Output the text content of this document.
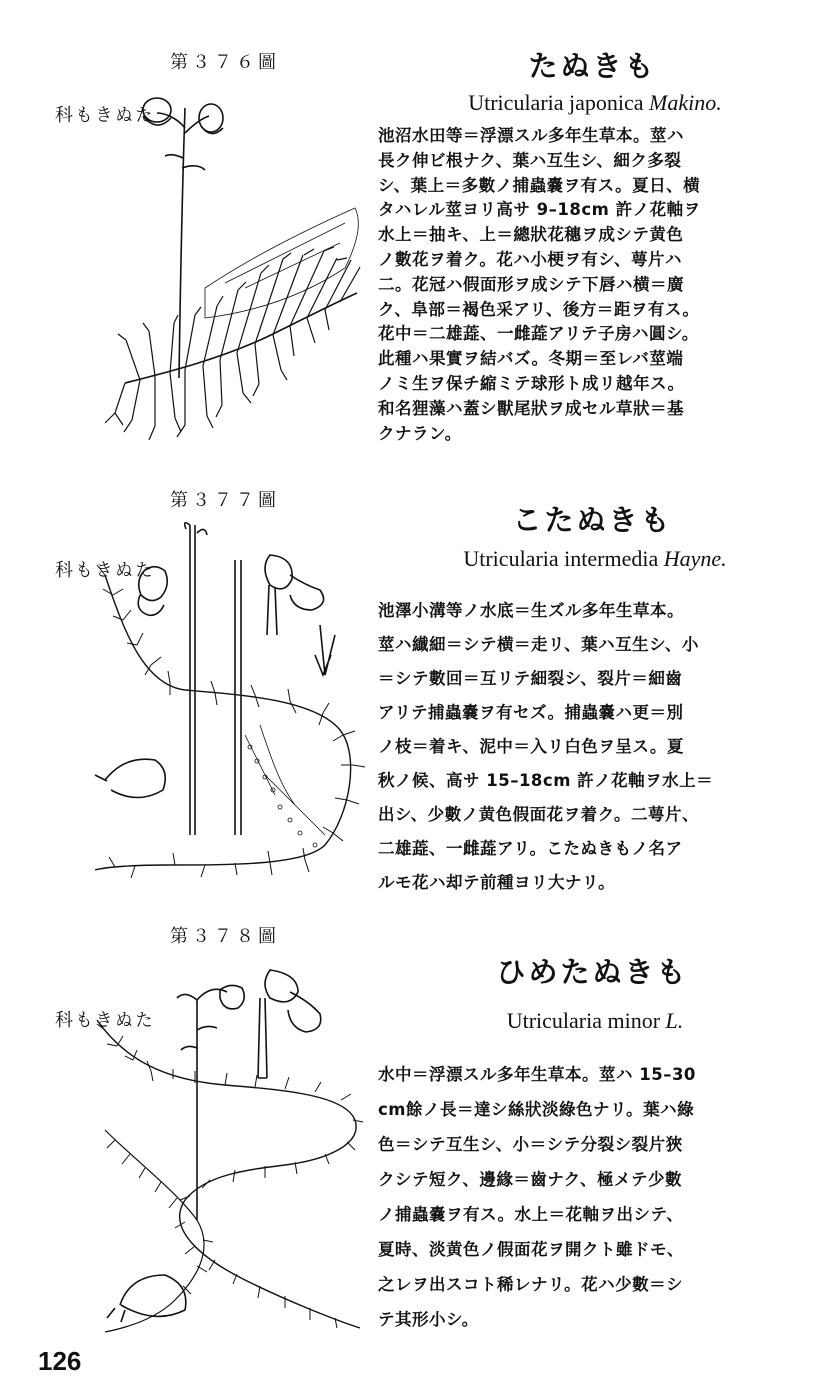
第３７６圖
たぬきも科
たぬきも
Utricularia japonica Makino.
池沼水田等＝浮漂スル多年生草本。莖ハ
長ク伸ビ根ナク、葉ハ互生シ、細ク多裂
シ、葉上＝多數ノ捕蟲嚢ヲ有ス。夏日、横
タハレル莖ヨリ高サ 9–18cm 許ノ花軸ヲ
水上＝抽キ、上＝總狀花穗ヲ成シテ黄色
ノ數花ヲ着ク。花ハ小梗ヲ有シ、萼片ハ
二。花冠ハ假面形ヲ成シテ下唇ハ横＝廣
ク、阜部＝褐色采アリ、後方＝距ヲ有ス。
花中＝二雄蕋、一雌蕋アリテ子房ハ圓シ。
此種ハ果實ヲ結バズ。冬期＝至レバ莖端
ノミ生ヲ保チ縮ミテ球形ト成リ越年ス。
和名狸藻ハ蓋シ獸尾狀ヲ成セル草狀＝基
クナラン。
第３７７圖
たぬきも科
こたぬきも
Utricularia intermedia Hayne.
池澤小溝等ノ水底＝生ズル多年生草本。
莖ハ纎細＝シテ横＝走リ、葉ハ互生シ、小
＝シテ數回＝互リテ細裂シ、裂片＝細齒
アリテ捕蟲嚢ヲ有セズ。捕蟲嚢ハ更＝別
ノ枝＝着キ、泥中＝入リ白色ヲ呈ス。夏
秋ノ候、高サ 15–18cm 許ノ花軸ヲ水上＝
出シ、少數ノ黄色假面花ヲ着ク。二萼片、
二雄蕋、一雌蕋アリ。こたぬきもノ名ア
ルモ花ハ却テ前種ヨリ大ナリ。
第３７８圖
たぬきも科
ひめたぬきも
Utricularia minor L.
水中＝浮漂スル多年生草本。莖ハ 15–30
cm餘ノ長＝達シ絲狀淡綠色ナリ。葉ハ綠
色＝シテ互生シ、小＝シテ分裂シ裂片狹
クシテ短ク、邊緣＝齒ナク、極メテ少數
ノ捕蟲嚢ヲ有ス。水上＝花軸ヲ出シテ、
夏時、淡黄色ノ假面花ヲ開クト雖ドモ、
之レヲ出スコト稀レナリ。花ハ少數＝シ
テ其形小シ。
126
